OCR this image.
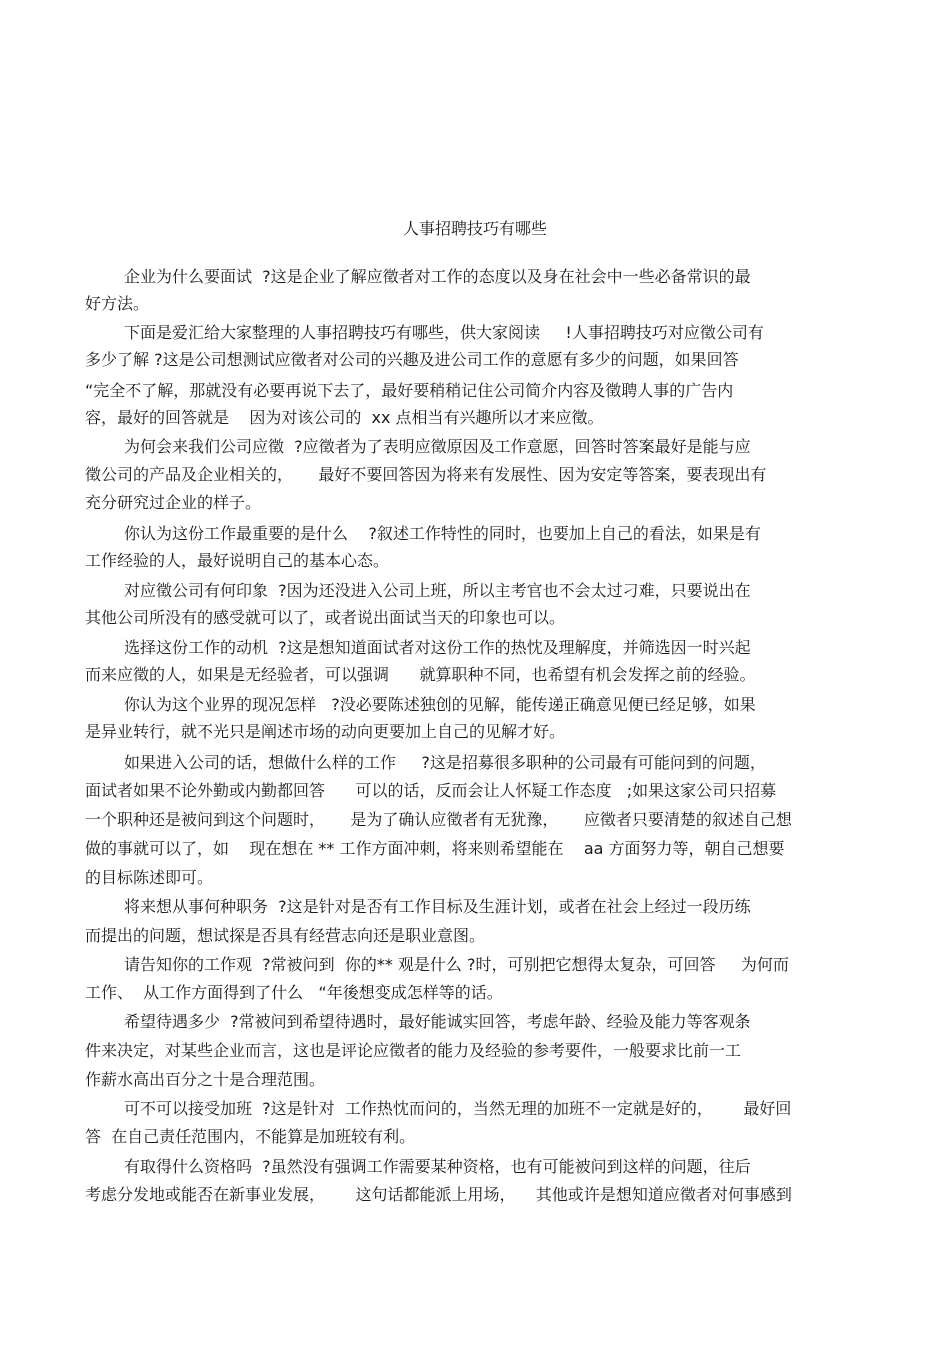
人事招聘技巧有哪些
企业为什么要面试  ?这是企业了解应徵者对工作的态度以及身在社会中一些必备常识的最
好方法。
下面是爱汇给大家整理的人事招聘技巧有哪些，供大家阅读     !人事招聘技巧对应徵公司有
多少了解 ?这是公司想测试应徵者对公司的兴趣及进公司工作的意愿有多少的问题，如果回答
“完全不了解，那就没有必要再说下去了，最好要稍稍记住公司简介内容及徵聘人事的广告内
容，最好的回答就是    因为对该公司的  xx 点相当有兴趣所以才来应徵。
为何会来我们公司应徵  ?应徵者为了表明应徵原因及工作意愿，回答时答案最好是能与应
徵公司的产品及企业相关的，     最好不要回答因为将来有发展性、因为安定等答案，要表现出有
充分研究过企业的样子。
你认为这份工作最重要的是什么    ?叙述工作特性的同时，也要加上自己的看法，如果是有
工作经验的人，最好说明自己的基本心态。
对应徵公司有何印象  ?因为还没进入公司上班，所以主考官也不会太过刁难，只要说出在
其他公司所没有的感受就可以了，或者说出面试当天的印象也可以。
选择这份工作的动机  ?这是想知道面试者对这份工作的热忱及理解度，并筛选因一时兴起
而来应徵的人，如果是无经验者，可以强调      就算职种不同，也希望有机会发挥之前的经验。
你认为这个业界的现况怎样   ?没必要陈述独创的见解，能传递正确意见便已经足够，如果
是异业转行，就不光只是阐述市场的动向更要加上自己的见解才好。
如果进入公司的话，想做什么样的工作     ?这是招募很多职种的公司最有可能问到的问题，
面试者如果不论外勤或内勤都回答      可以的话，反而会让人怀疑工作态度   ;如果这家公司只招募
一个职种还是被问到这个问题时，     是为了确认应徵者有无犹豫，     应徵者只要清楚的叙述自己想
做的事就可以了，如    现在想在 ** 工作方面冲刺，将来则希望能在    aa 方面努力等，朝自己想要
的目标陈述即可。
将来想从事何种职务  ?这是针对是否有工作目标及生涯计划，或者在社会上经过一段历练
而提出的问题，想试探是否具有经营志向还是职业意图。
请告知你的工作观  ?常被问到  你的** 观是什么 ?时，可别把它想得太复杂，可回答     为何而
工作、  从工作方面得到了什么   “年後想变成怎样等的话。
希望待遇多少  ?常被问到希望待遇时，最好能诚实回答，考虑年龄、经验及能力等客观条
件来决定，对某些企业而言，这也是评论应徵者的能力及经验的参考要件，一般要求比前一工
作薪水高出百分之十是合理范围。
可不可以接受加班  ?这是针对  工作热忱而问的，当然无理的加班不一定就是好的，      最好回
答  在自己责任范围内，不能算是加班较有利。
有取得什么资格吗  ?虽然没有强调工作需要某种资格，也有可能被问到这样的问题，往后
考虑分发地或能否在新事业发展，      这句话都能派上用场，    其他或许是想知道应徵者对何事感到
